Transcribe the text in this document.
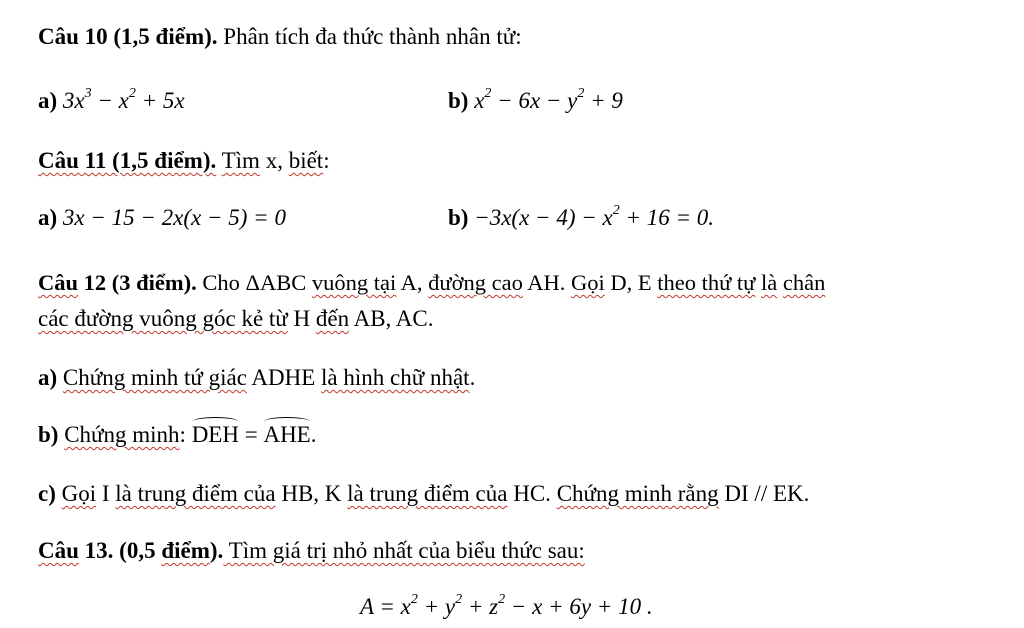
Câu 10 (1,5 điểm). Phân tích đa thức thành nhân tử:
a) $3x^3 - x^2 + 5x$	b) $x^2 - 6x - y^2 + 9$
Câu 11 (1,5 điểm). Tìm x, biết:
a) 3x − 15 − 2x(x − 5) = 0	$b) -3x(x - 4) - x^2 + 16 = 0$.
Câu 12 (3 điểm). Cho ΔABC vuông tại A, đường cao AH. Gọi D, E theo thứ tự là chân
các đường vuông góc kẻ từ H đến AB, AC.
a) Chứng minh tứ giác ADHE là hình chữ nhật.
b) Chứng minh: DEH = AHE.
c) Gọi I là trung điểm của HB, K là trung điểm của HC. Chứng minh rằng DI // EK.
Câu 13. (0,5 điểm). Tìm giá trị nhỏ nhất của biểu thức sau:
$A = x^2 + y^2 + z^2 - x + 6y + 10$ .
